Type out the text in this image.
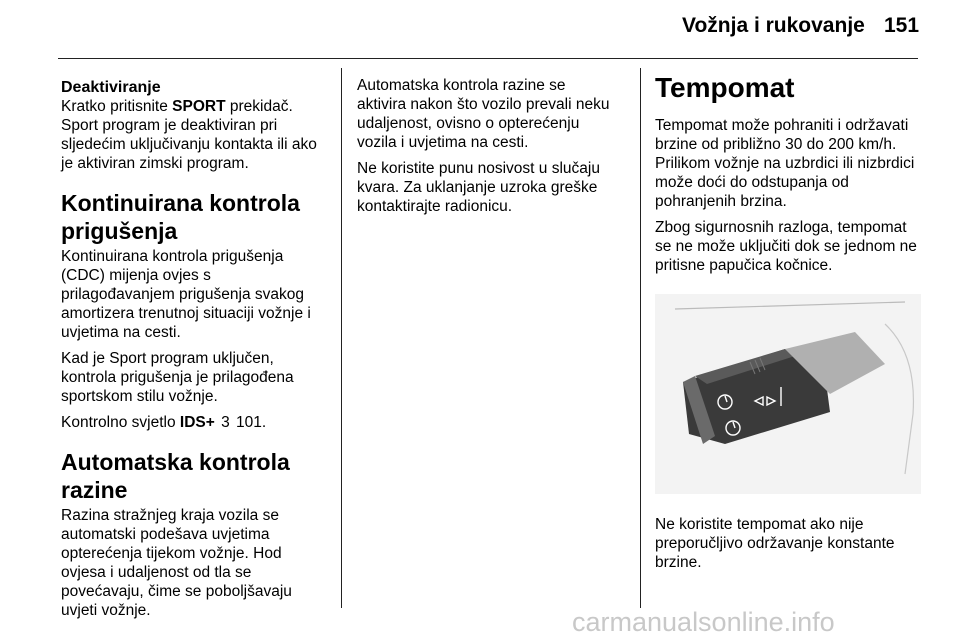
Vožnja i rukovanje 151
Deaktiviranje
Kratko pritisnite SPORT prekidač.
Sport program je deaktiviran pri
sljedećim uključivanju kontakta ili ako
je aktiviran zimski program.
Kontinuirana kontrola
prigušenja
Kontinuirana kontrola prigušenja
(CDC) mijenja ovjes s
prilagođavanjem prigušenja svakog
amortizera trenutnoj situaciji vožnje i
uvjetima na cesti.
Kad je Sport program uključen,
kontrola prigušenja je prilagođena
sportskom stilu vožnje.
Kontrolno svjetlo IDS+ 3 101.
Automatska kontrola
razine
Razina stražnjeg kraja vozila se
automatski podešava uvjetima
opterećenja tijekom vožnje. Hod
ovjesa i udaljenost od tla se
povećavaju, čime se poboljšavaju
uvjeti vožnje.
Automatska kontrola razine se
aktivira nakon što vozilo prevali neku
udaljenost, ovisno o opterećenju
vozila i uvjetima na cesti.
Ne koristite punu nosivost u slučaju
kvara. Za uklanjanje uzroka greške
kontaktirajte radionicu.
Tempomat
Tempomat može pohraniti i održavati
brzine od približno 30 do 200 km/h.
Prilikom vožnje na uzbrdici ili nizbrdici
može doći do odstupanja od
pohranjenih brzina.
Zbog sigurnosnih razloga, tempomat
se ne može uključiti dok se jednom ne
pritisne papučica kočnice.
Ne koristite tempomat ako nije
preporučljivo održavanje konstante
brzine.
carmanualsonline.info
